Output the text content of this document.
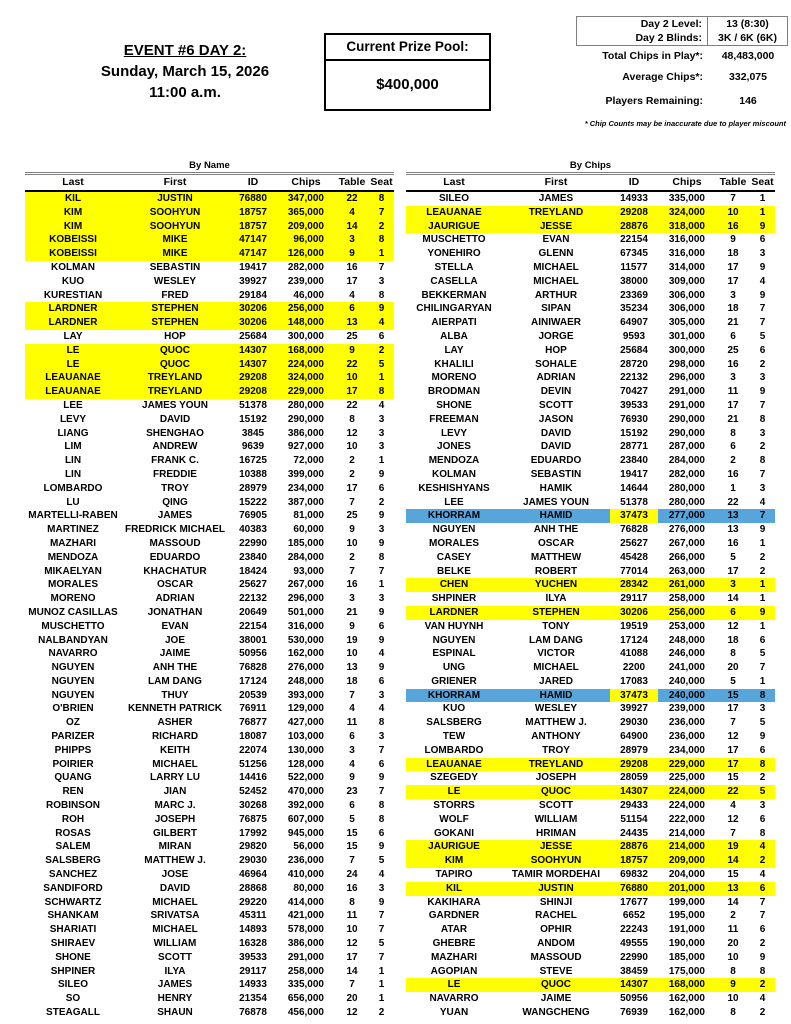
EVENT #6 DAY 2:
Sunday, March 15, 2026
11:00 a.m.
Current Prize Pool:
$400,000
Day 2 Level:	13 (8:30)
Day 2 Blinds:	3K / 6K (6K)
Total Chips in Play*:	48,483,000
Average Chips*:	332,075
Players Remaining:	146
* Chip Counts may be inaccurate due to player miscount
By Name
Last	First	ID	Chips	Table	Seat
KIL	JUSTIN	76880	347,000	22	8
KIM	SOOHYUN	18757	365,000	4	7
KIM	SOOHYUN	18757	209,000	14	2
KOBEISSI	MIKE	47147	96,000	3	8
KOBEISSI	MIKE	47147	126,000	9	1
KOLMAN	SEBASTIN	19417	282,000	16	7
KUO	WESLEY	39927	239,000	17	3
KURESTIAN	FRED	29184	46,000	4	8
LARDNER	STEPHEN	30206	256,000	6	9
LARDNER	STEPHEN	30206	148,000	13	4
LAY	HOP	25684	300,000	25	6
LE	QUOC	14307	168,000	9	2
LE	QUOC	14307	224,000	22	5
LEAUANAE	TREYLAND	29208	324,000	10	1
LEAUANAE	TREYLAND	29208	229,000	17	8
LEE	JAMES YOUN	51378	280,000	22	4
LEVY	DAVID	15192	290,000	8	3
LIANG	SHENGHAO	3845	386,000	12	3
LIM	ANDREW	9639	927,000	10	3
LIN	FRANK C.	16725	72,000	2	1
LIN	FREDDIE	10388	399,000	2	9
LOMBARDO	TROY	28979	234,000	17	6
LU	QING	15222	387,000	7	2
MARTELLI-RABEN	JAMES	76905	81,000	25	9
MARTINEZ	FREDRICK MICHAEL	40383	60,000	9	3
MAZHARI	MASSOUD	22990	185,000	10	9
MENDOZA	EDUARDO	23840	284,000	2	8
MIKAELYAN	KHACHATUR	18424	93,000	7	7
MORALES	OSCAR	25627	267,000	16	1
MORENO	ADRIAN	22132	296,000	3	3
MUNOZ CASILLAS	JONATHAN	20649	501,000	21	9
MUSCHETTO	EVAN	22154	316,000	9	6
NALBANDYAN	JOE	38001	530,000	19	9
NAVARRO	JAIME	50956	162,000	10	4
NGUYEN	ANH THE	76828	276,000	13	9
NGUYEN	LAM DANG	17124	248,000	18	6
NGUYEN	THUY	20539	393,000	7	3
O'BRIEN	KENNETH PATRICK	76911	129,000	4	4
OZ	ASHER	76877	427,000	11	8
PARIZER	RICHARD	18087	103,000	6	3
PHIPPS	KEITH	22074	130,000	3	7
POIRIER	MICHAEL	51256	128,000	4	6
QUANG	LARRY LU	14416	522,000	9	9
REN	JIAN	52452	470,000	23	7
ROBINSON	MARC J.	30268	392,000	6	8
ROH	JOSEPH	76875	607,000	5	8
ROSAS	GILBERT	17992	945,000	15	6
SALEM	MIRAN	29820	56,000	15	9
SALSBERG	MATTHEW J.	29030	236,000	7	5
SANCHEZ	JOSE	46964	410,000	24	4
SANDIFORD	DAVID	28868	80,000	16	3
SCHWARTZ	MICHAEL	29220	414,000	8	9
SHANKAM	SRIVATSA	45311	421,000	11	7
SHARIATI	MICHAEL	14893	578,000	10	7
SHIRAEV	WILLIAM	16328	386,000	12	5
SHONE	SCOTT	39533	291,000	17	7
SHPINER	ILYA	29117	258,000	14	1
SILEO	JAMES	14933	335,000	7	1
SO	HENRY	21354	656,000	20	1
STEAGALL	SHAUN	76878	456,000	12	2
By Chips
Last	First	ID	Chips	Table	Seat
SILEO	JAMES	14933	335,000	7	1
LEAUANAE	TREYLAND	29208	324,000	10	1
JAURIGUE	JESSE	28876	318,000	16	9
MUSCHETTO	EVAN	22154	316,000	9	6
YONEHIRO	GLENN	67345	316,000	18	3
STELLA	MICHAEL	11577	314,000	17	9
CASELLA	MICHAEL	38000	309,000	17	4
BEKKERMAN	ARTHUR	23369	306,000	3	9
CHILINGARYAN	SIPAN	35234	306,000	18	7
AIERPATI	AINIWAER	64907	305,000	21	7
ALBA	JORGE	9593	301,000	6	5
LAY	HOP	25684	300,000	25	6
KHALILI	SOHALE	28720	298,000	16	2
MORENO	ADRIAN	22132	296,000	3	3
BRODMAN	DEVIN	70427	291,000	11	9
SHONE	SCOTT	39533	291,000	17	7
FREEMAN	JASON	76930	290,000	21	8
LEVY	DAVID	15192	290,000	8	3
JONES	DAVID	28771	287,000	6	2
MENDOZA	EDUARDO	23840	284,000	2	8
KOLMAN	SEBASTIN	19417	282,000	16	7
KESHISHYANS	HAMIK	14644	280,000	1	3
LEE	JAMES YOUN	51378	280,000	22	4
KHORRAM	HAMID	37473	277,000	13	7
NGUYEN	ANH THE	76828	276,000	13	9
MORALES	OSCAR	25627	267,000	16	1
CASEY	MATTHEW	45428	266,000	5	2
BELKE	ROBERT	77014	263,000	17	2
CHEN	YUCHEN	28342	261,000	3	1
SHPINER	ILYA	29117	258,000	14	1
LARDNER	STEPHEN	30206	256,000	6	9
VAN HUYNH	TONY	19519	253,000	12	1
NGUYEN	LAM DANG	17124	248,000	18	6
ESPINAL	VICTOR	41088	246,000	8	5
UNG	MICHAEL	2200	241,000	20	7
GRIENER	JARED	17083	240,000	5	1
KHORRAM	HAMID	37473	240,000	15	8
KUO	WESLEY	39927	239,000	17	3
SALSBERG	MATTHEW J.	29030	236,000	7	5
TEW	ANTHONY	64900	236,000	12	9
LOMBARDO	TROY	28979	234,000	17	6
LEAUANAE	TREYLAND	29208	229,000	17	8
SZEGEDY	JOSEPH	28059	225,000	15	2
LE	QUOC	14307	224,000	22	5
STORRS	SCOTT	29433	224,000	4	3
WOLF	WILLIAM	51154	222,000	12	6
GOKANI	HRIMAN	24435	214,000	7	8
JAURIGUE	JESSE	28876	214,000	19	4
KIM	SOOHYUN	18757	209,000	14	2
TAPIRO	TAMIR MORDEHAI	69832	204,000	15	4
KIL	JUSTIN	76880	201,000	13	6
KAKIHARA	SHINJI	17677	199,000	14	7
GARDNER	RACHEL	6652	195,000	2	7
ATAR	OPHIR	22243	191,000	11	6
GHEBRE	ANDOM	49555	190,000	20	2
MAZHARI	MASSOUD	22990	185,000	10	9
AGOPIAN	STEVE	38459	175,000	8	8
LE	QUOC	14307	168,000	9	2
NAVARRO	JAIME	50956	162,000	10	4
YUAN	WANGCHENG	76939	162,000	8	2
